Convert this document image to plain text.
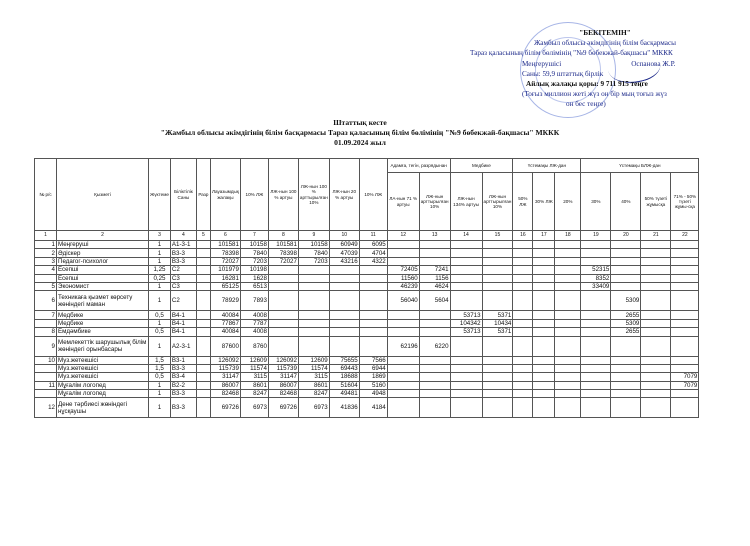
"БЕКІТЕМІН"
Жамбыл облысы әкімдігінің білім басқармасы
Тараз қаласының білім бөлімінің "№9 бөбекжай-бақшасы" МККК
Меңгерушісі	Оспанова Ж.Р.
Саны: 59,9 штаттық бірлік
Айлық жалақы қоры: 9 711 915 теңге
(Тоғыз миллион жеті жүз он бір мың тоғыз жүз
он бес теңге)
Штаттық кесте
"Жамбыл облысы әкімдігінің білім басқармасы Тараз қаласының білім бөлімінің "№9 бөбекжай-бақшасы" МККК
01.09.2024 жыл
№ р/с	Қызметі	Жүктеме	Біліктілік Саны	Разр	Лауазымдық жалақы	10% ЛЖ	ЛЖ-нын 100 % артуы	ЛЖ-нын 100 % арттырылған 10%	ЛЖ-нын 20 % артуы	10% ЛЖ	Адамға, тегін, разрядынан		Медбике		Үстемақы ЛЖ-дан			Үстемақы БЛЖ-дан			
											ЛА-нын 71 % артуы	ЛЖ-нын арттырылған 10%	ЛЖ-нын 134% артуы	ЛЖ-нын арттырылған 10%	50% ЛЖ	30% ЛЖ	20%	30%	40%	50% түзеті жұмысқа	71% - 50% түзеті жұмы-сқа
1	2	3	4	5	6	7	8	9	10	11	12	13	14	15	16	17	18	19	20	21	22
1	Меңгеруші	1	А1-3-1		101581	10158	101581	10158	60949	6095											
2	Әдіскер	1	В3-3		78398	7840	78398	7840	47039	4704											
3	Педагог-психолог	1	В3-3		72027	7203	72027	7203	43216	4322											
4	Есепші	1,25	С2		101979	10198					72405	7241						52315			
	Есепші	0,25	С3		16281	1628					11560	1156						8352			
5	Экономист	1	С3		65125	6513					46239	4624						33409			
6	Техникаға қызмет көрсету жөніндегі маман	1	С2		78929	7893					56040	5604							5309		
7	Медбике	0,5	В4-1		40084	4008							53713	5371					2655		
	Медбике	1	В4-1		77867	7787							104342	10434					5309		
8	Емдәмбике	0,5	В4-1		40084	4008							53713	5371					2655		
9	Мемлекеттік шарушылық білім жөніндегі орынбасары	1	А2-3-1		87600	8760					62196	6220									
10	Муз.жетекшісі	1,5	В3-1		126092	12609	126092	12609	75655	7566											
	Муз.жетекшісі	1,5	В3-3		115739	11574	115739	11574	69443	6944											
	Муз.жетекшісі	0,5	В3-4		31147	3115	31147	3115	18688	1869											7079
11	Мұғалім логопед	1	В2-2		86007	8601	86007	8601	51604	5160											7079
	Мұғалім логопед	1	В3-3		82468	8247	82468	8247	49481	4948											
12	Дене тәрбиесі жөніндегі нұсқаушы	1	В3-3		69726	6973	69726	6973	41836	4184											
